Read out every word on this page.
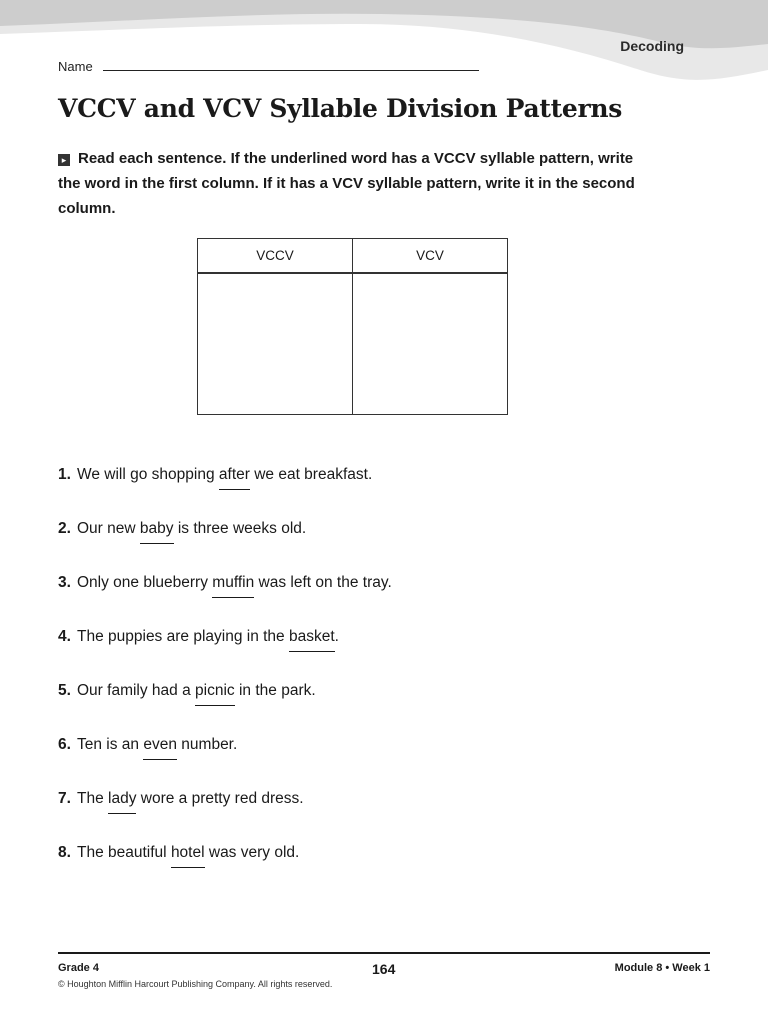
Decoding
Name
VCCV and VCV Syllable Division Patterns
▸ Read each sentence. If the underlined word has a VCCV syllable pattern, write the word in the first column. If it has a VCV syllable pattern, write it in the second column.
VCCV	VCV

1. We will go shopping after we eat breakfast.
2. Our new baby is three weeks old.
3. Only one blueberry muffin was left on the tray.
4. The puppies are playing in the basket.
5. Our family had a picnic in the park.
6. Ten is an even number.
7. The lady wore a pretty red dress.
8. The beautiful hotel was very old.
Grade 4	164	Module 8 • Week 1
© Houghton Mifflin Harcourt Publishing Company. All rights reserved.
